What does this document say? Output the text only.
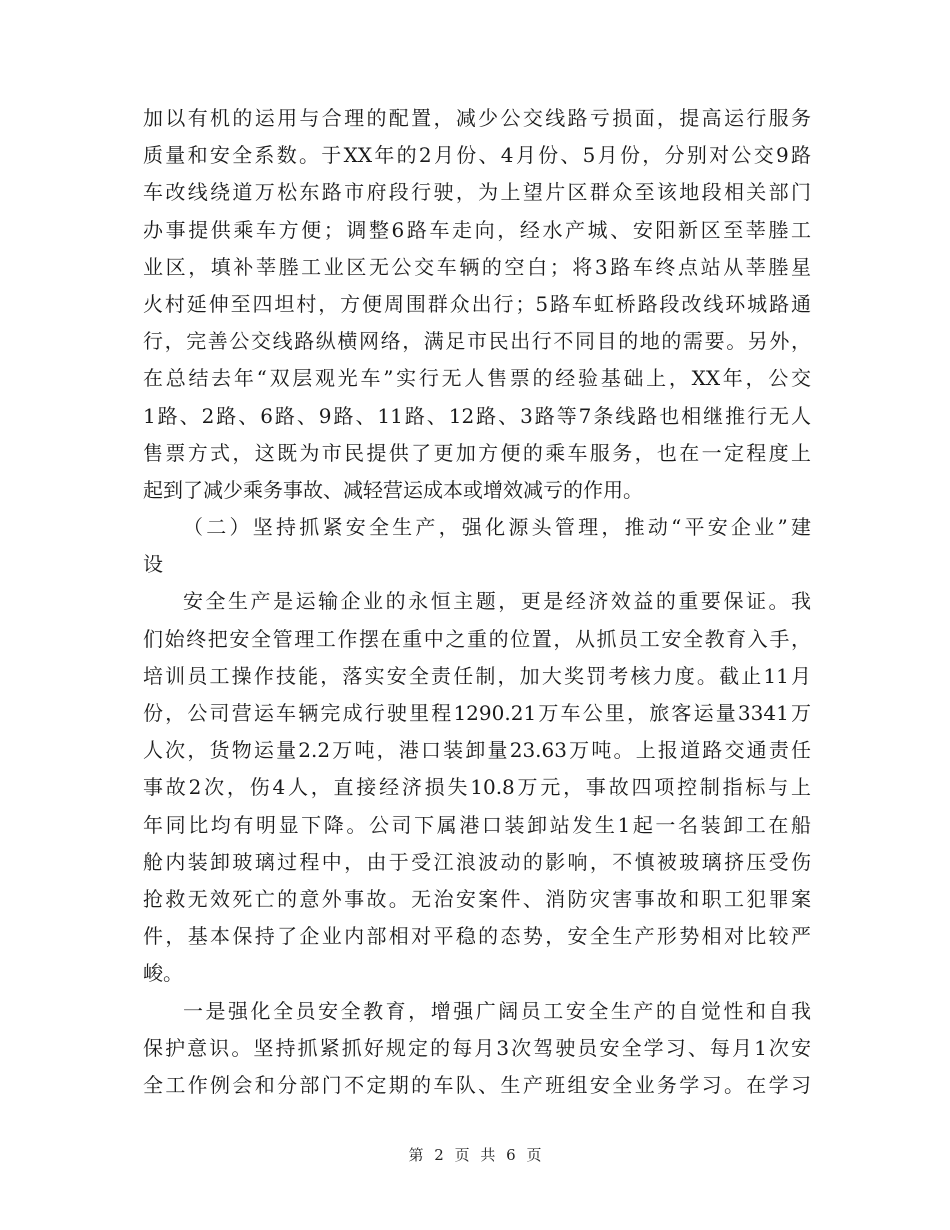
加以有机的运用与合理的配置，减少公交线路亏损面，提高运行服务
质量和安全系数。于XX年的2月份、4月份、5月份，分别对公交9路
车改线绕道万松东路市府段行驶，为上望片区群众至该地段相关部门
办事提供乘车方便；调整6路车走向，经水产城、安阳新区至莘塍工
业区，填补莘塍工业区无公交车辆的空白；将3路车终点站从莘塍星
火村延伸至四坦村，方便周围群众出行；5路车虹桥路段改线环城路通
行，完善公交线路纵横网络，满足市民出行不同目的地的需要。另外，
在总结去年“双层观光车”实行无人售票的经验基础上，XX年，公交
1路、2路、6路、9路、11路、12路、3路等7条线路也相继推行无人
售票方式，这既为市民提供了更加方便的乘车服务，也在一定程度上
起到了减少乘务事故、减轻营运成本或增效减亏的作用。
（二）坚持抓紧安全生产，强化源头管理，推动“平安企业”建
设
安全生产是运输企业的永恒主题，更是经济效益的重要保证。我
们始终把安全管理工作摆在重中之重的位置，从抓员工安全教育入手，
培训员工操作技能，落实安全责任制，加大奖罚考核力度。截止11月
份，公司营运车辆完成行驶里程1290.21万车公里，旅客运量3341万
人次，货物运量2.2万吨，港口装卸量23.63万吨。上报道路交通责任
事故2次，伤4人，直接经济损失10.8万元，事故四项控制指标与上
年同比均有明显下降。公司下属港口装卸站发生1起一名装卸工在船
舱内装卸玻璃过程中，由于受江浪波动的影响，不慎被玻璃挤压受伤
抢救无效死亡的意外事故。无治安案件、消防灾害事故和职工犯罪案
件，基本保持了企业内部相对平稳的态势，安全生产形势相对比较严
峻。
一是强化全员安全教育，增强广阔员工安全生产的自觉性和自我
保护意识。坚持抓紧抓好规定的每月3次驾驶员安全学习、每月1次安
全工作例会和分部门不定期的车队、生产班组安全业务学习。在学习
第 2 页 共 6 页
